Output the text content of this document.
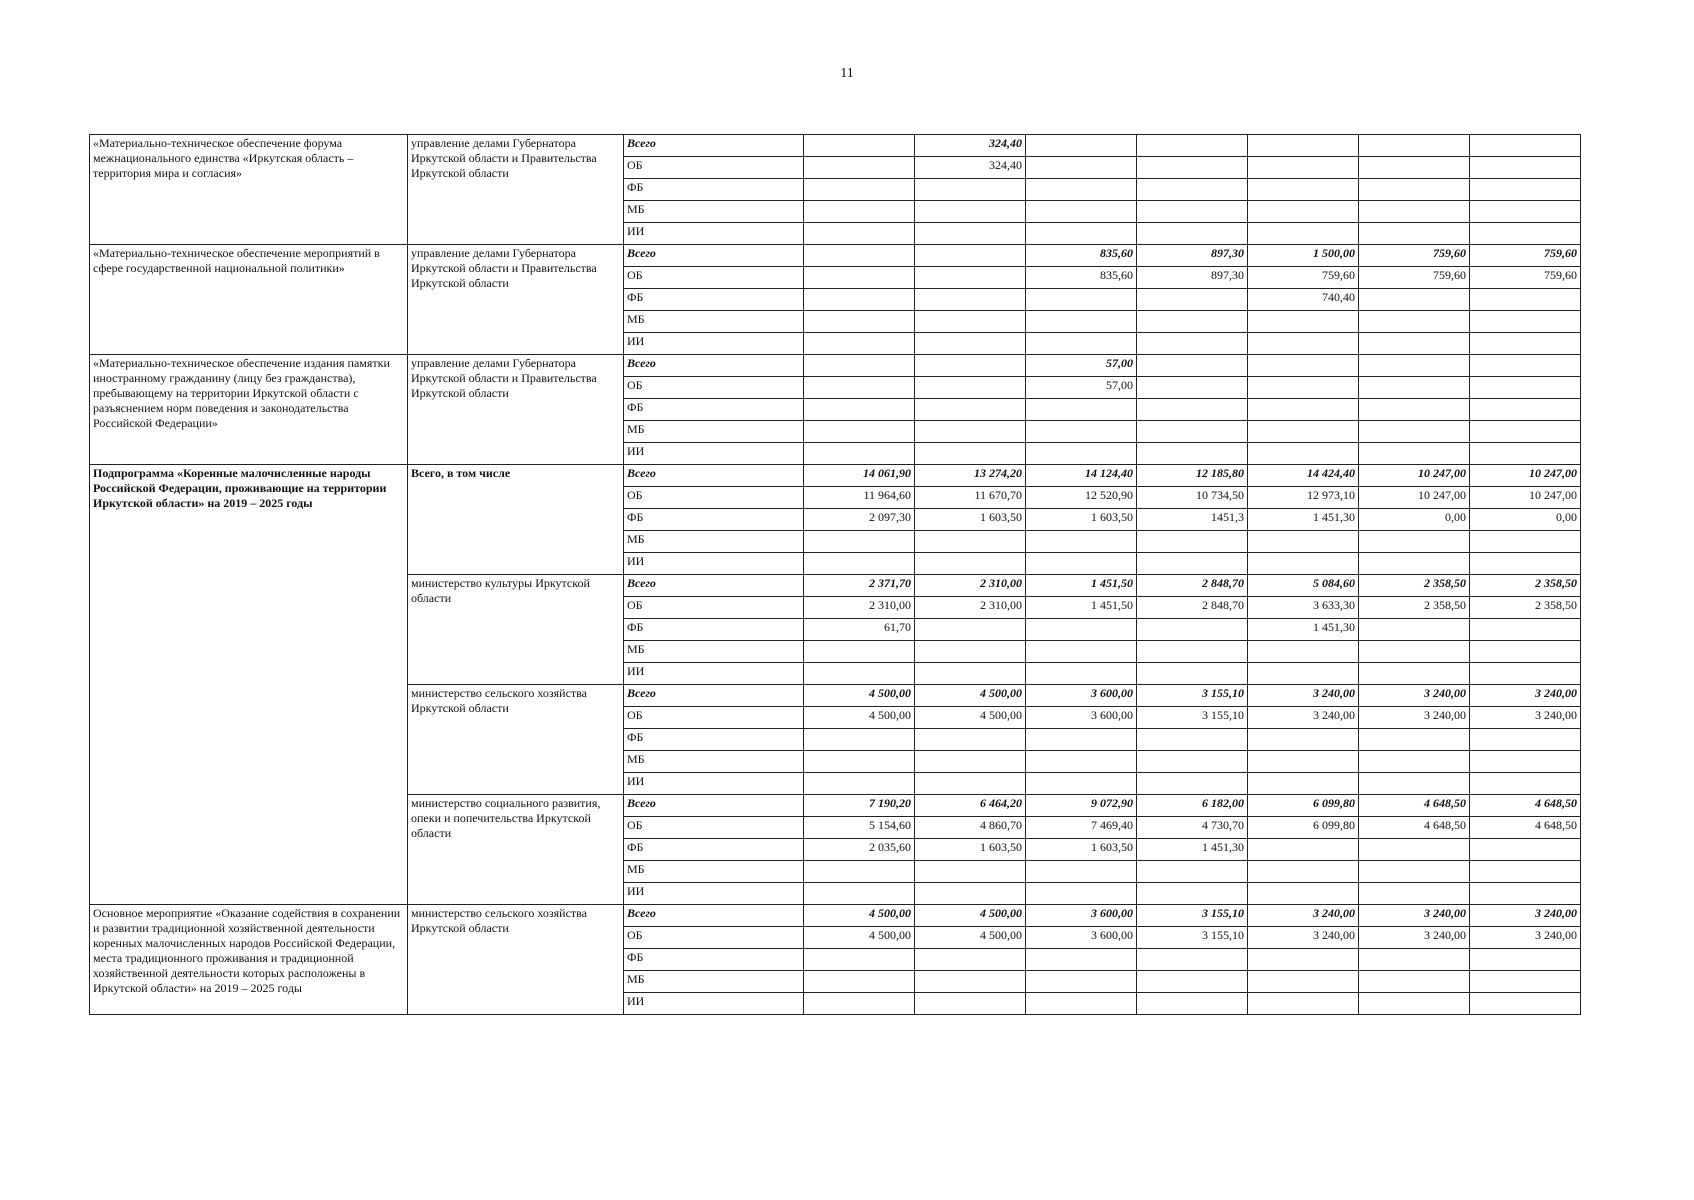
11
«Материально-техническое обеспечение форума межнационального единства «Иркутская область – территория мира и согласия»	управление делами Губернатора Иркутской области и Правительства Иркутской области	Всего		324,40					
		ОБ		324,40					
		ФБ							
		МБ							
		ИИ							
«Материально-техническое обеспечение мероприятий в сфере государственной национальной политики»	управление делами Губернатора Иркутской области и Правительства Иркутской области	Всего			835,60	897,30	1 500,00	759,60	759,60
		ОБ			835,60	897,30	759,60	759,60	759,60
		ФБ					740,40		
		МБ							
		ИИ							
«Материально-техническое обеспечение издания памятки иностранному гражданину (лицу без гражданства), пребывающему на территории Иркутской области с разъяснением норм поведения и законодательства Российской Федерации»	управление делами Губернатора Иркутской области и Правительства Иркутской области	Всего			57,00				
		ОБ			57,00				
		ФБ							
		МБ							
		ИИ							
Подпрограмма «Коренные малочисленные народы Российской Федерации, проживающие на территории Иркутской области» на 2019 – 2025 годы	Всего, в том числе	Всего	14 061,90	13 274,20	14 124,40	12 185,80	14 424,40	10 247,00	10 247,00
		ОБ	11 964,60	11 670,70	12 520,90	10 734,50	12 973,10	10 247,00	10 247,00
		ФБ	2 097,30	1 603,50	1 603,50	1451,3	1 451,30	0,00	0,00
		МБ							
		ИИ							
	министерство культуры Иркутской области	Всего	2 371,70	2 310,00	1 451,50	2 848,70	5 084,60	2 358,50	2 358,50
		ОБ	2 310,00	2 310,00	1 451,50	2 848,70	3 633,30	2 358,50	2 358,50
		ФБ	61,70				1 451,30		
		МБ							
		ИИ							
	министерство сельского хозяйства Иркутской области	Всего	4 500,00	4 500,00	3 600,00	3 155,10	3 240,00	3 240,00	3 240,00
		ОБ	4 500,00	4 500,00	3 600,00	3 155,10	3 240,00	3 240,00	3 240,00
		ФБ							
		МБ							
		ИИ							
	министерство социального развития, опеки и попечительства Иркутской области	Всего	7 190,20	6 464,20	9 072,90	6 182,00	6 099,80	4 648,50	4 648,50
		ОБ	5 154,60	4 860,70	7 469,40	4 730,70	6 099,80	4 648,50	4 648,50
		ФБ	2 035,60	1 603,50	1 603,50	1 451,30			
		МБ							
		ИИ							
Основное мероприятие «Оказание содействия в сохранении и развитии традиционной хозяйственной деятельности коренных малочисленных народов Российской Федерации, места традиционного проживания и традиционной хозяйственной деятельности которых расположены в Иркутской области» на 2019 – 2025 годы	министерство сельского хозяйства Иркутской области	Всего	4 500,00	4 500,00	3 600,00	3 155,10	3 240,00	3 240,00	3 240,00
		ОБ	4 500,00	4 500,00	3 600,00	3 155,10	3 240,00	3 240,00	3 240,00
		ФБ							
		МБ							
		ИИ							
